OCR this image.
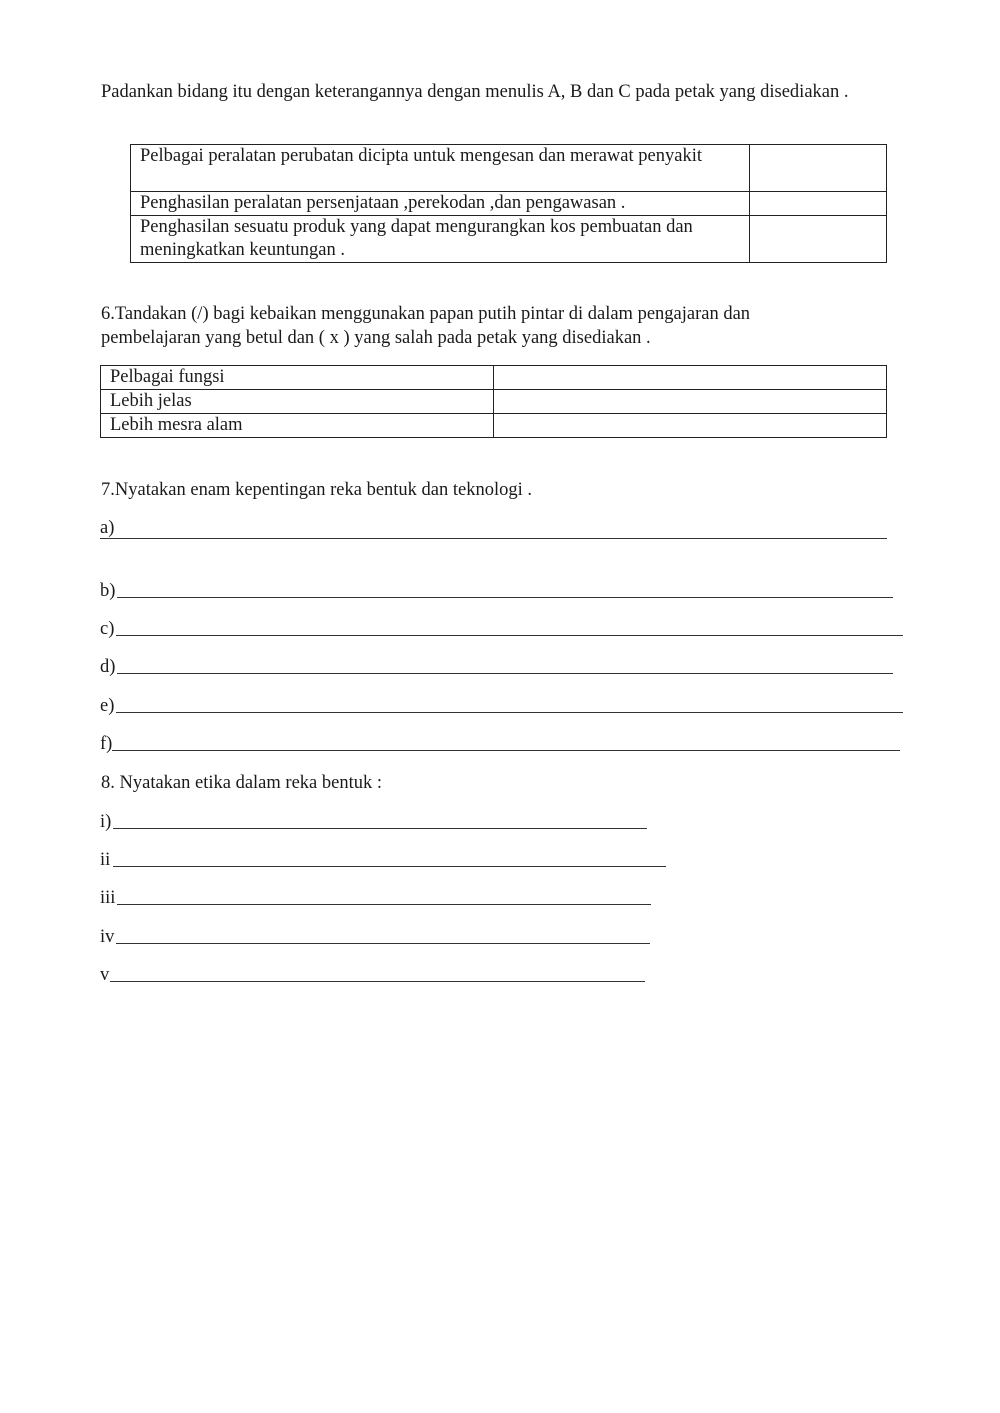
Padankan bidang itu dengan keterangannya dengan menulis A, B dan C pada petak yang disediakan .
Pelbagai peralatan perubatan dicipta untuk mengesan dan merawat penyakit	
Penghasilan peralatan persenjataan ,perekodan ,dan pengawasan .	
Penghasilan sesuatu produk yang dapat mengurangkan kos pembuatan dan meningkatkan keuntungan .	
6.Tandakan (/) bagi kebaikan menggunakan papan putih pintar di dalam pengajaran dan
pembelajaran yang betul dan ( x ) yang salah pada petak yang disediakan .
Pelbagai fungsi	
Lebih jelas	
Lebih mesra alam	
7.Nyatakan enam kepentingan reka bentuk dan teknologi .
a)
b)
c)
d)
e)
f)
8. Nyatakan etika dalam reka bentuk :
i)
ii
iii
iv
v
